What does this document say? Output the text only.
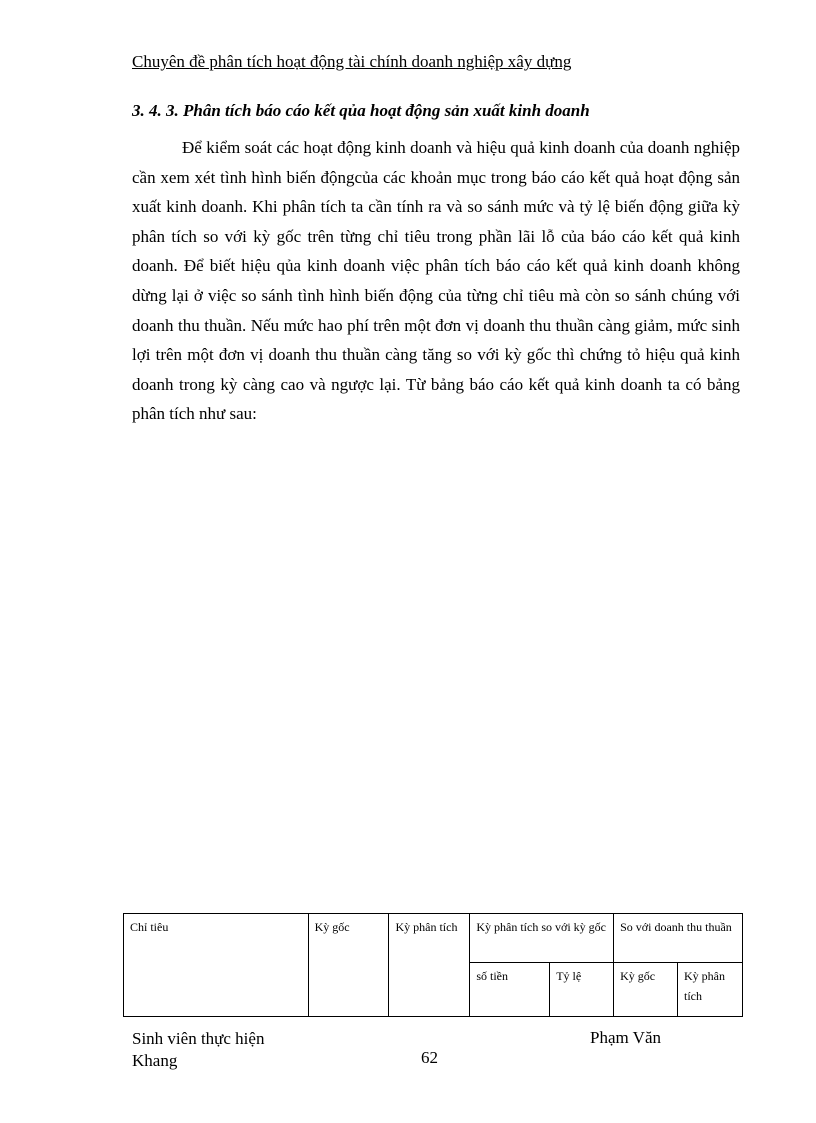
Chuyên đề phân tích hoạt động tài chính doanh nghiệp xây dựng
3. 4. 3. Phân tích báo cáo kết qủa hoạt động sản xuất kinh doanh

Để kiểm soát các hoạt động kinh doanh và hiệu quả kinh doanh của doanh nghiệp cần xem xét tình hình biến độngcủa các khoản mục trong báo cáo kết quả hoạt động sản xuất kinh doanh. Khi phân tích ta cần tính ra và so sánh mức và tỷ lệ biến động giữa kỳ phân tích so với kỳ gốc trên từng chỉ tiêu trong phần lãi lỗ của báo cáo kết quả kinh doanh. Để biết hiệu qủa kinh doanh việc phân tích báo cáo kết quả kinh doanh không dừng lại ở việc so sánh tình hình biến động của từng chỉ tiêu mà còn so sánh chúng với doanh thu thuần. Nếu mức hao phí trên một đơn vị doanh thu thuần càng giảm, mức sinh lợi trên một đơn vị doanh thu thuần càng tăng so với kỳ gốc thì chứng tỏ hiệu quả kinh doanh trong kỳ càng cao và ngược lại. Từ bảng báo cáo kết quả kinh doanh ta có bảng phân tích như sau:

Chỉ tiêu	Kỳ gốc	Kỳ phân tích	Kỳ phân tích so với kỳ gốc		So với doanh thu thuần	
			số tiền	Tỷ lệ	Kỳ gốc	Kỳ phân tích
Sinh viên thực hiện
Khang
Phạm Văn
62
